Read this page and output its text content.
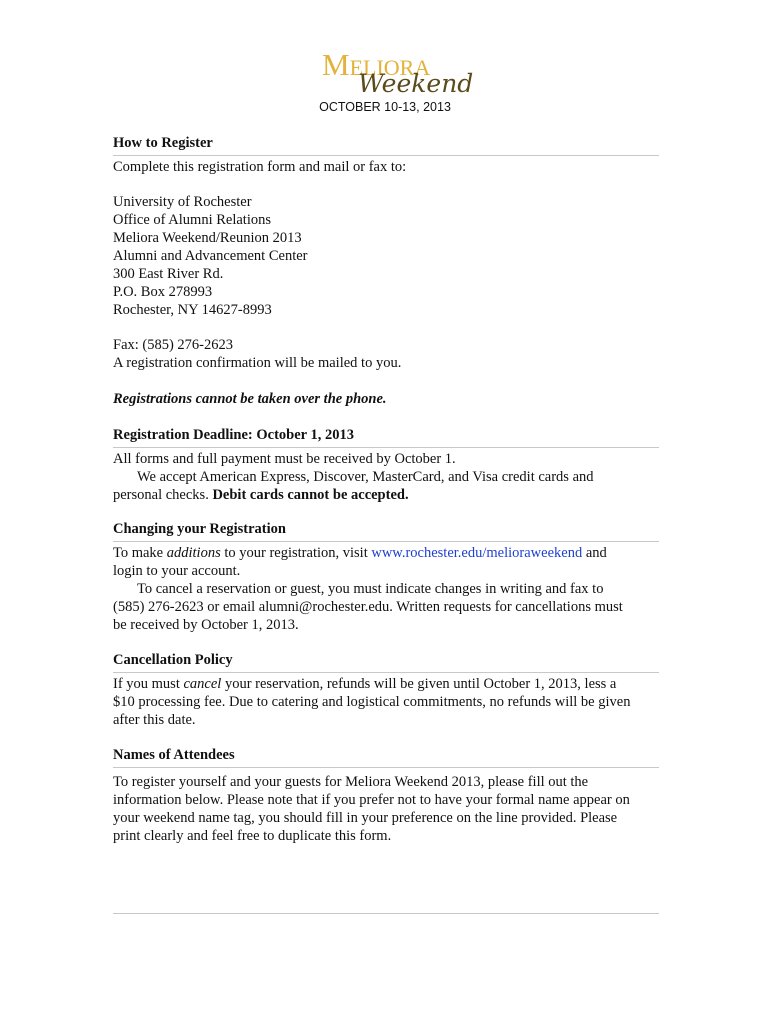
Meliora
Weekend
OCTOBER 10-13, 2013
How to Register
Complete this registration form and mail or fax to:
University of Rochester
Office of Alumni Relations
Meliora Weekend/Reunion 2013
Alumni and Advancement Center
300 East River Rd.
P.O. Box 278993
Rochester, NY 14627-8993
Fax: (585) 276-2623
A registration confirmation will be mailed to you.
Registrations cannot be taken over the phone.
Registration Deadline: October 1, 2013
All forms and full payment must be received by October 1.
We accept American Express, Discover, MasterCard, and Visa credit cards and
personal checks. Debit cards cannot be accepted.
Changing your Registration
To make additions to your registration, visit www.rochester.edu/melioraweekend and
login to your account.
To cancel a reservation or guest, you must indicate changes in writing and fax to
(585) 276-2623 or email alumni@rochester.edu. Written requests for cancellations must
be received by October 1, 2013.
Cancellation Policy
If you must cancel your reservation, refunds will be given until October 1, 2013, less a
$10 processing fee. Due to catering and logistical commitments, no refunds will be given
after this date.
Names of Attendees
To register yourself and your guests for Meliora Weekend 2013, please fill out the
information below. Please note that if you prefer not to have your formal name appear on
your weekend name tag, you should fill in your preference on the line provided. Please
print clearly and feel free to duplicate this form.
